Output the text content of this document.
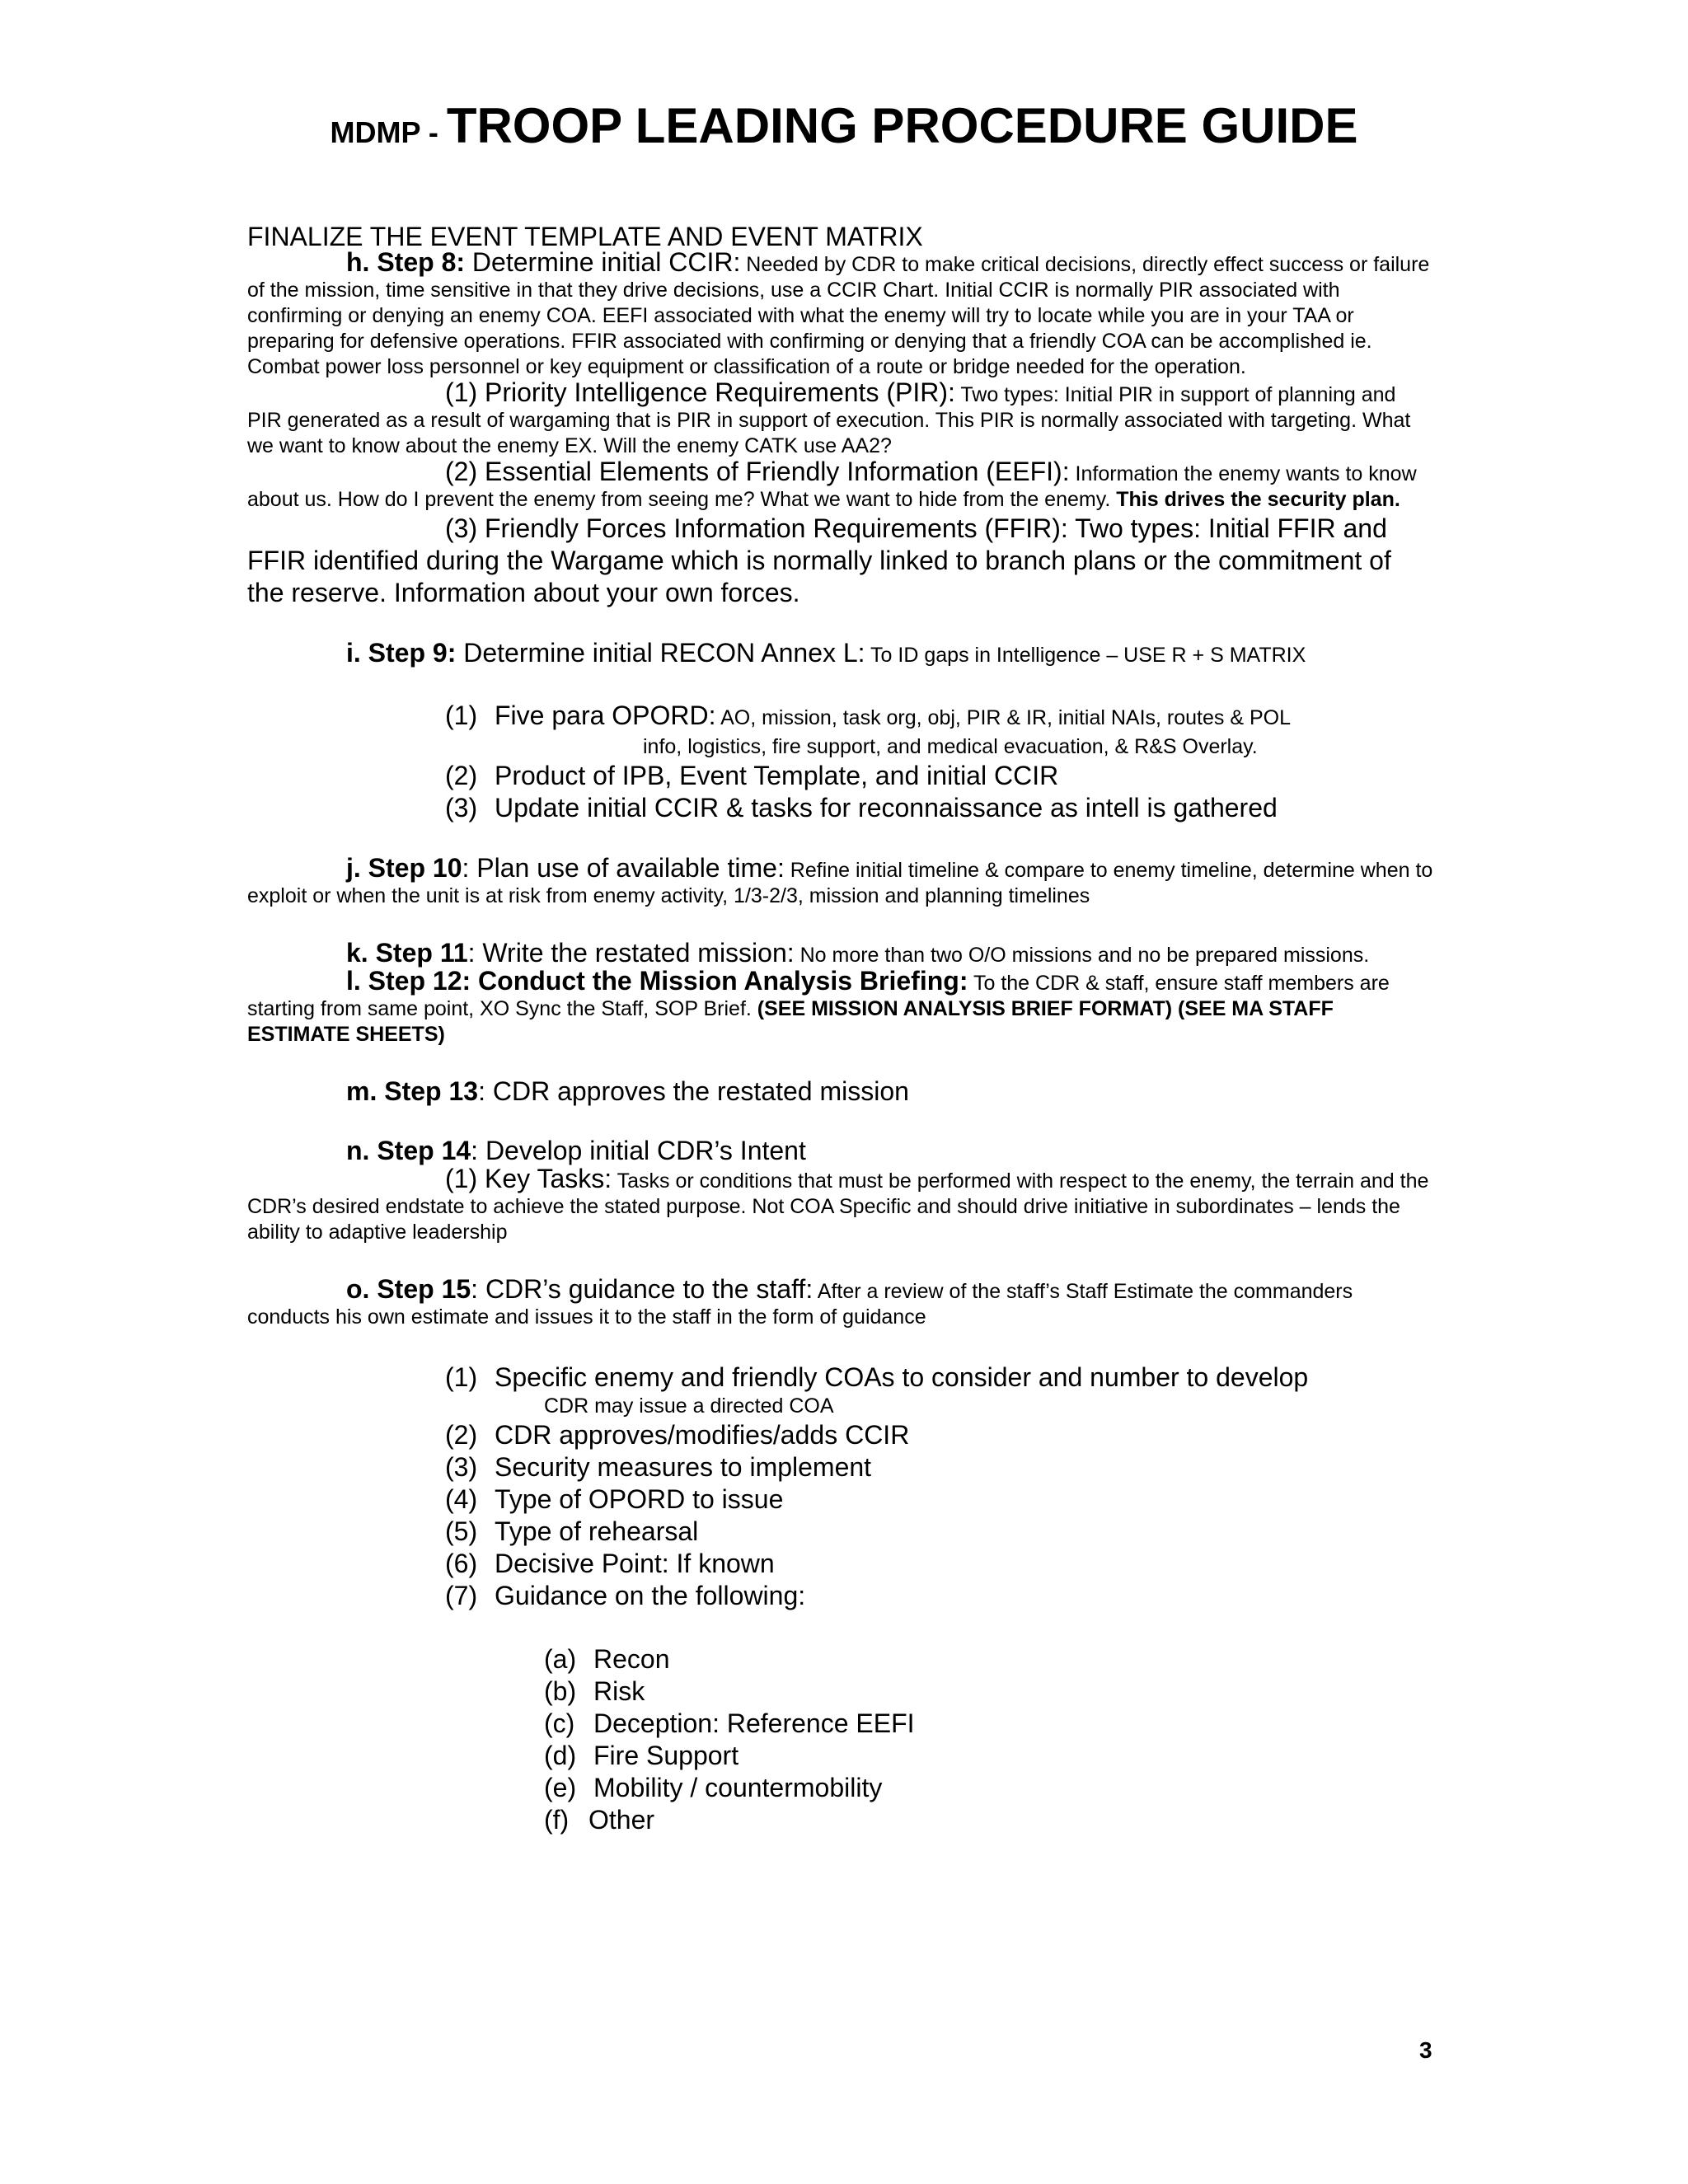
MDMP - TROOP LEADING PROCEDURE GUIDE

FINALIZE THE EVENT TEMPLATE AND EVENT MATRIX

h. Step 8: Determine initial CCIR: Needed by CDR to make critical decisions, directly effect success or failure of the mission, time sensitive in that they drive decisions, use a CCIR Chart. Initial CCIR is normally PIR associated with confirming or denying an enemy COA. EEFI associated with what the enemy will try to locate while you are in your TAA or preparing for defensive operations. FFIR associated with confirming or denying that a friendly COA can be accomplished ie. Combat power loss personnel or key equipment or classification of a route or bridge needed for the operation.

(1) Priority Intelligence Requirements (PIR): Two types: Initial PIR in support of planning and PIR generated as a result of wargaming that is PIR in support of execution. This PIR is normally associated with targeting. What we want to know about the enemy EX. Will the enemy CATK use AA2?

(2) Essential Elements of Friendly Information (EEFI): Information the enemy wants to know about us. How do I prevent the enemy from seeing me? What we want to hide from the enemy. This drives the security plan.

(3) Friendly Forces Information Requirements (FFIR): Two types: Initial FFIR and FFIR identified during the Wargame which is normally linked to branch plans or the commitment of the reserve. Information about your own forces.

i. Step 9: Determine initial RECON Annex L: To ID gaps in Intelligence – USE R + S MATRIX

(1) Five para OPORD: AO, mission, task org, obj, PIR & IR, initial NAIs, routes & POL
info, logistics, fire support, and medical evacuation, & R&S Overlay.
(2) Product of IPB, Event Template, and initial CCIR
(3) Update initial CCIR & tasks for reconnaissance as intell is gathered

j. Step 10: Plan use of available time: Refine initial timeline & compare to enemy timeline, determine when to exploit or when the unit is at risk from enemy activity, 1/3-2/3, mission and planning timelines

k. Step 11: Write the restated mission: No more than two O/O missions and no be prepared missions.

l. Step 12: Conduct the Mission Analysis Briefing: To the CDR & staff, ensure staff members are starting from same point, XO Sync the Staff, SOP Brief. (SEE MISSION ANALYSIS BRIEF FORMAT) (SEE MA STAFF ESTIMATE SHEETS)

m. Step 13: CDR approves the restated mission

n. Step 14: Develop initial CDR’s Intent

(1) Key Tasks: Tasks or conditions that must be performed with respect to the enemy, the terrain and the CDR’s desired endstate to achieve the stated purpose. Not COA Specific and should drive initiative in subordinates – lends the ability to adaptive leadership

o. Step 15: CDR’s guidance to the staff: After a review of the staff’s Staff Estimate the commanders conducts his own estimate and issues it to the staff in the form of guidance

(1) Specific enemy and friendly COAs to consider and number to develop
CDR may issue a directed COA
(2) CDR approves/modifies/adds CCIR
(3) Security measures to implement
(4) Type of OPORD to issue
(5) Type of rehearsal
(6) Decisive Point: If known
(7) Guidance on the following:
(a) Recon
(b) Risk
(c) Deception: Reference EEFI
(d) Fire Support
(e) Mobility / countermobility
(f) Other
3
